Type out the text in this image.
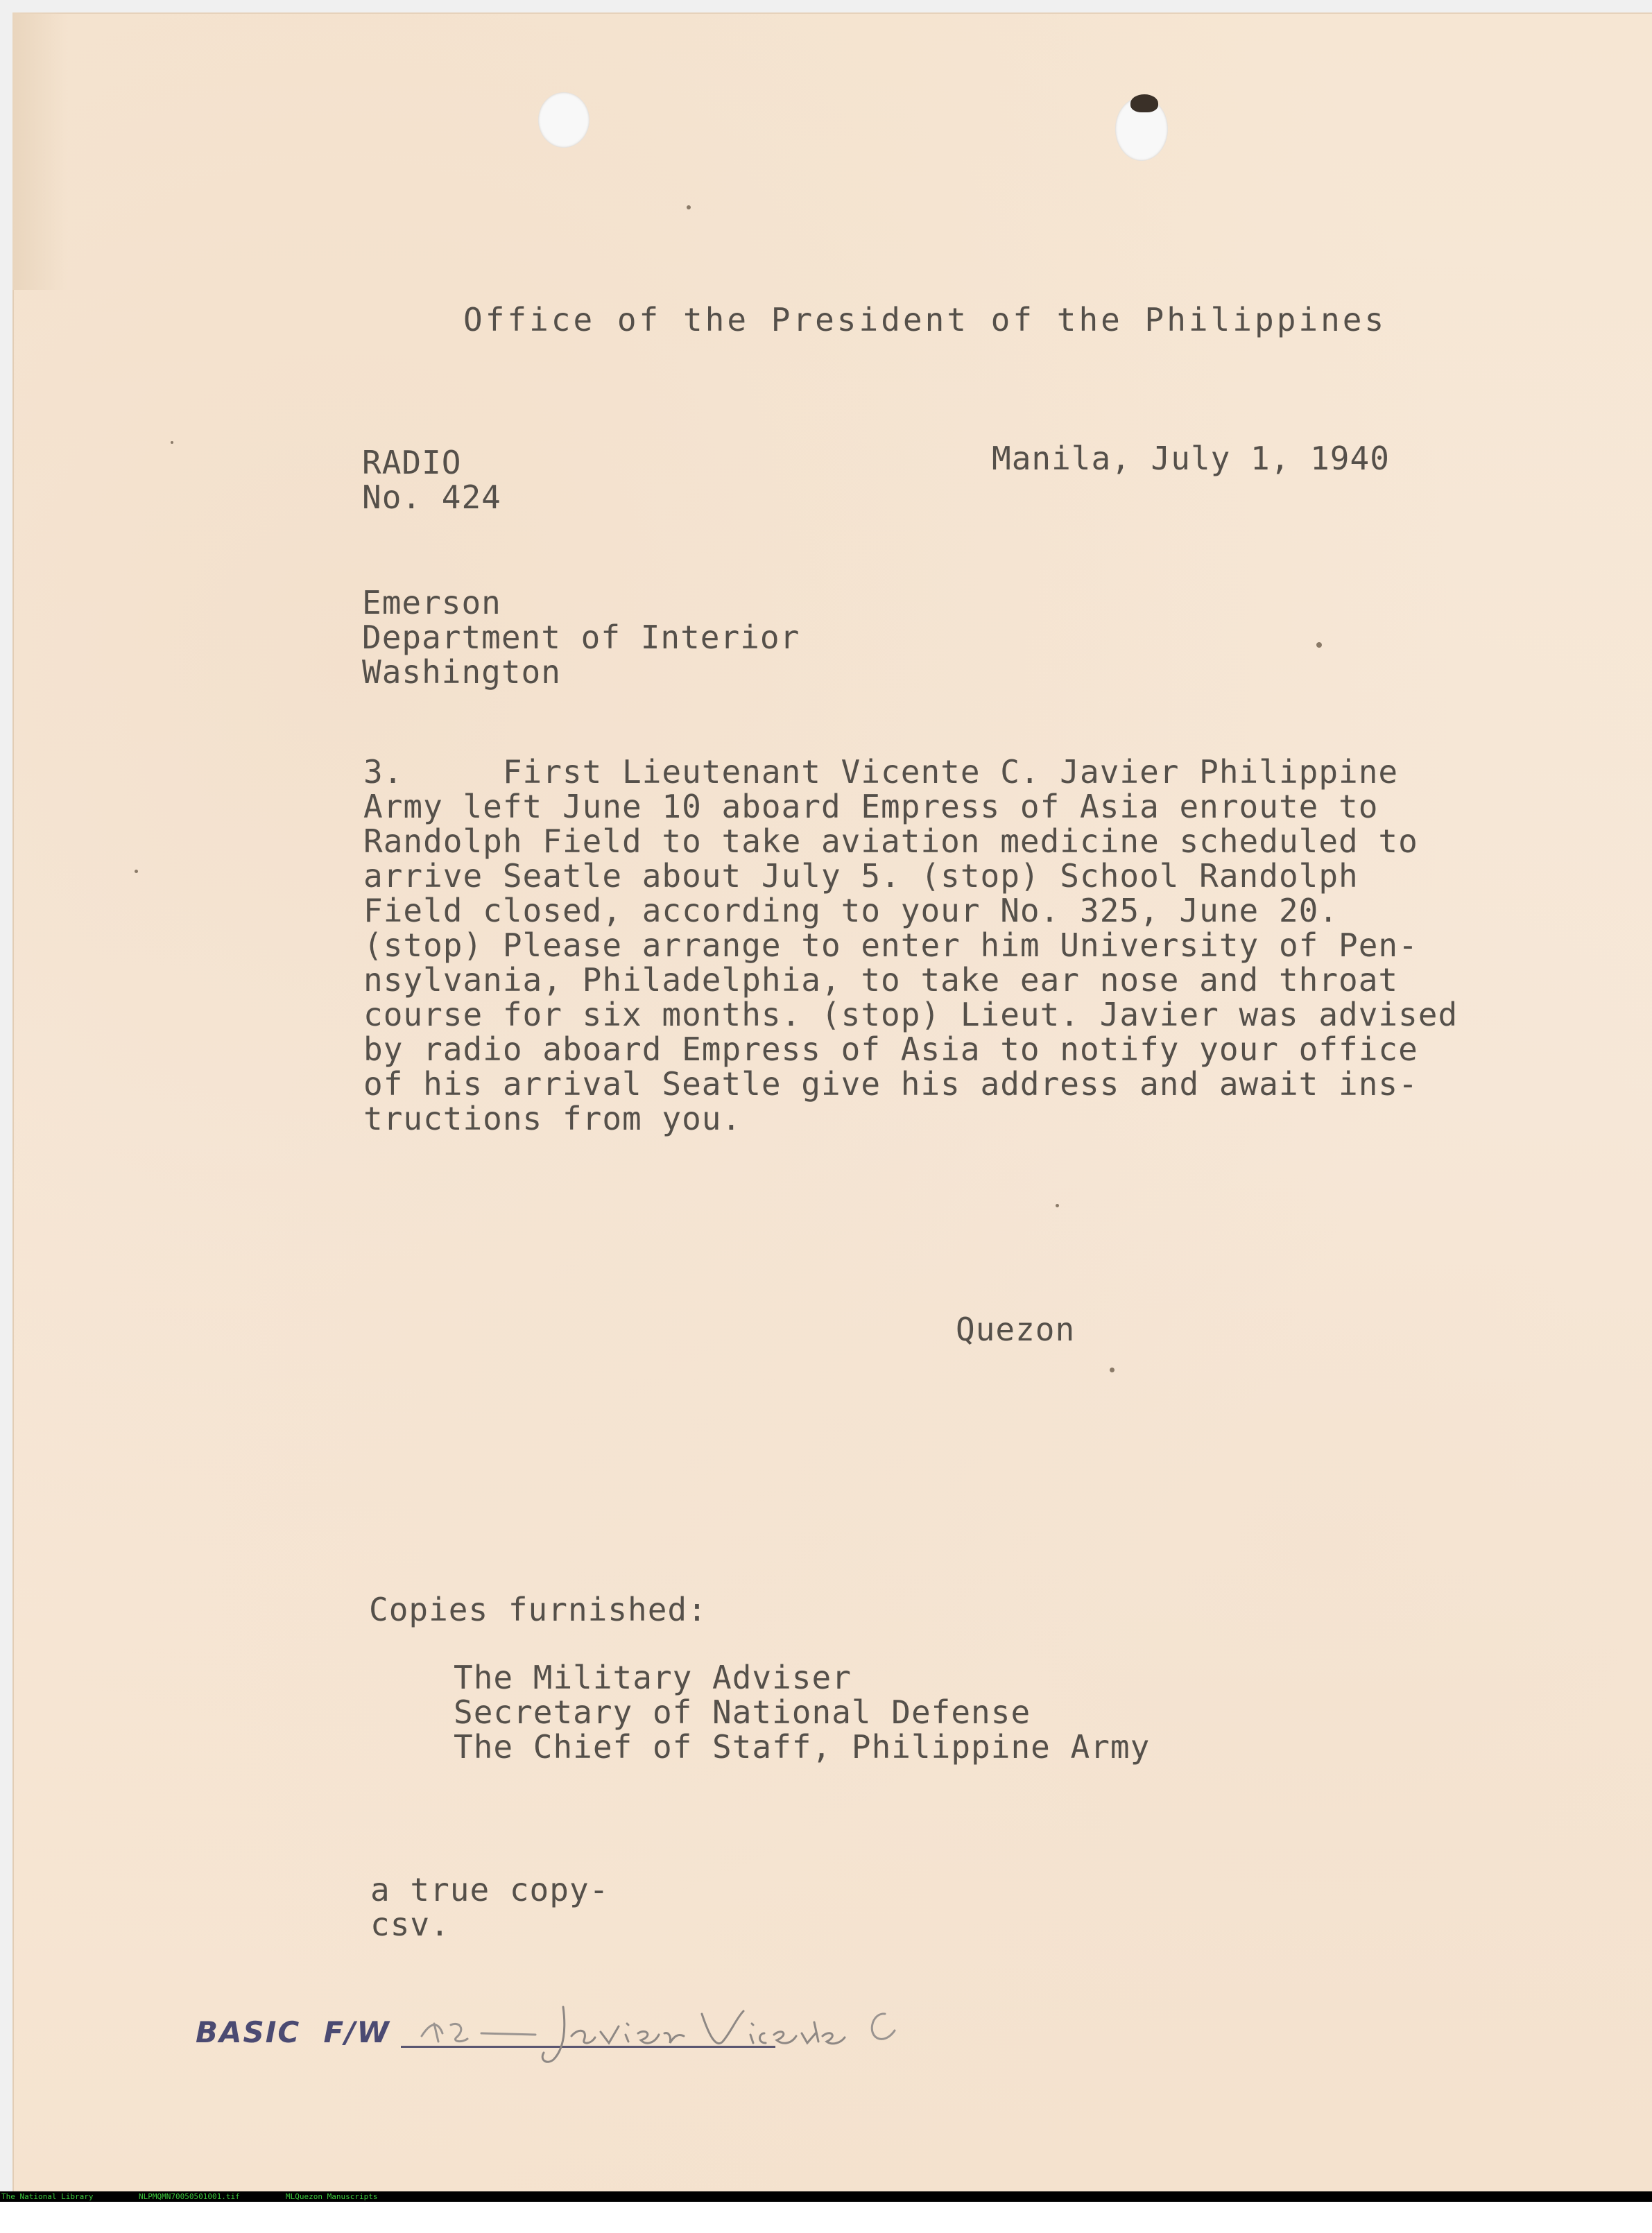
Office of the President of the Philippines
RADIO
No. 424
Manila, July 1, 1940
Emerson
Department of Interior
Washington
3.     First Lieutenant Vicente C. Javier Philippine
Army left June 10 aboard Empress of Asia enroute to
Randolph Field to take aviation medicine scheduled to
arrive Seatle about July 5. (stop) School Randolph
Field closed, according to your No. 325, June 20.
(stop) Please arrange to enter him University of Pen-
nsylvania, Philadelphia, to take ear nose and throat
course for six months. (stop) Lieut. Javier was advised
by radio aboard Empress of Asia to notify your office
of his arrival Seatle give his address and await ins-
tructions from you.
Quezon
Copies furnished:
The Military Adviser
Secretary of National Defense
The Chief of Staff, Philippine Army
a true copy-
csv.
BASIC  F/W
120- Javier, Vicente C

The National Library

	NLPMQMN70050501001.tif

	MLQuezon Manuscripts
